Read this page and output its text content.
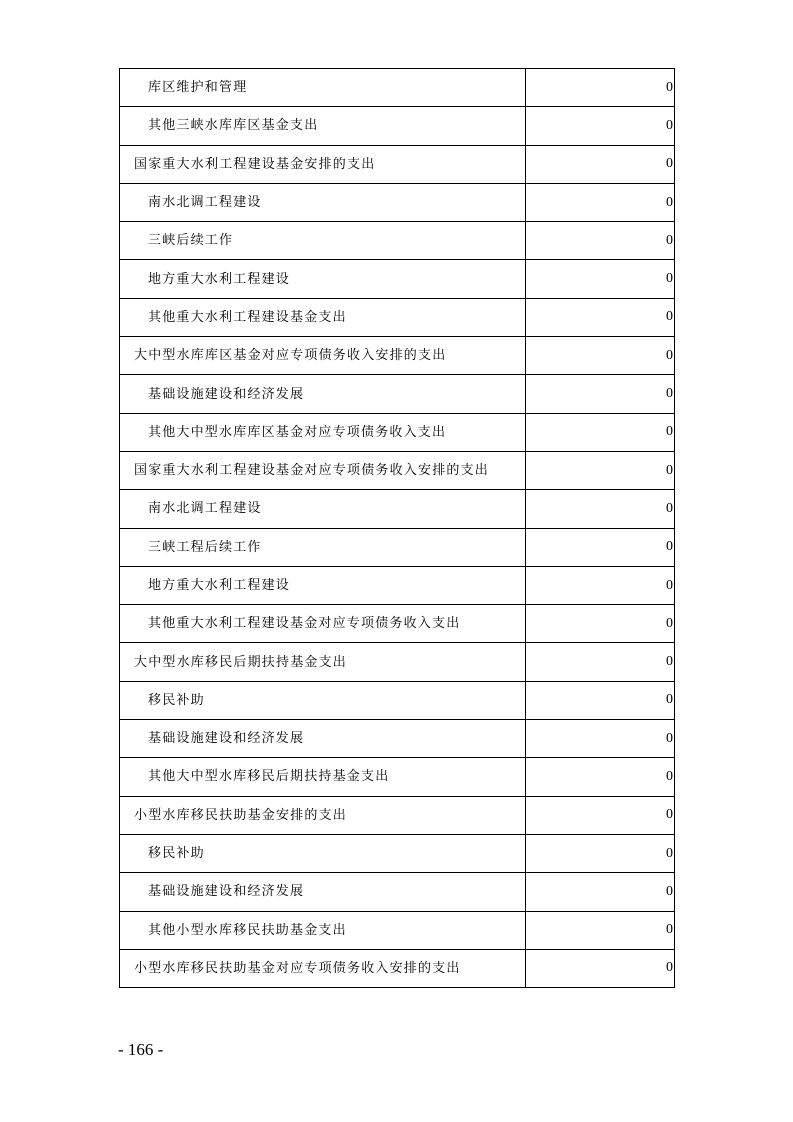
库区维护和管理	0
其他三峡水库库区基金支出	0
国家重大水利工程建设基金安排的支出	0
南水北调工程建设	0
三峡后续工作	0
地方重大水利工程建设	0
其他重大水利工程建设基金支出	0
大中型水库库区基金对应专项债务收入安排的支出	0
基础设施建设和经济发展	0
其他大中型水库库区基金对应专项债务收入支出	0
国家重大水利工程建设基金对应专项债务收入安排的支出	0
南水北调工程建设	0
三峡工程后续工作	0
地方重大水利工程建设	0
其他重大水利工程建设基金对应专项债务收入支出	0
大中型水库移民后期扶持基金支出	0
移民补助	0
基础设施建设和经济发展	0
其他大中型水库移民后期扶持基金支出	0
小型水库移民扶助基金安排的支出	0
移民补助	0
基础设施建设和经济发展	0
其他小型水库移民扶助基金支出	0
小型水库移民扶助基金对应专项债务收入安排的支出	0
- 166 -
